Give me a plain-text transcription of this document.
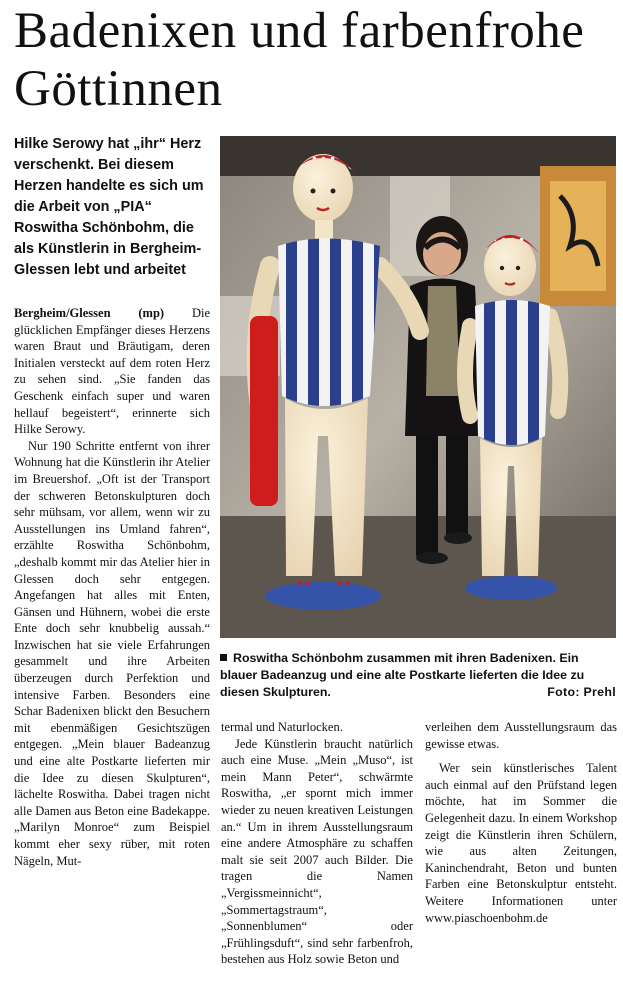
Badenixen und farbenfrohe Göttinnen

Hilke Serowy hat „ihr“ Herz verschenkt. Bei diesem Herzen handelte es sich um die Arbeit von „PIA“ Roswitha Schönbohm, die als Künstlerin in Bergheim-Glessen lebt und arbeitet

Bergheim/Glessen (mp) Die glücklichen Empfänger dieses Herzens waren Braut und Bräutigam, deren Initialen versteckt auf dem roten Herz zu sehen sind. „Sie fanden das Geschenk einfach super und waren hellauf begeistert“, erinnerte sich Hilke Serowy.

Nur 190 Schritte entfernt von ihrer Wohnung hat die Künstlerin ihr Atelier im Breuershof. „Oft ist der Transport der schweren Betonskulpturen doch sehr mühsam, vor allem, wenn wir zu Ausstellungen ins Umland fahren“, erzählte Roswitha Schönbohm, „deshalb kommt mir das Atelier hier in Glessen doch sehr entgegen. Angefangen hat alles mit Enten, Gänsen und Hühnern, wobei die erste Ente doch sehr knubbelig aussah.“ Inzwischen hat sie viele Erfahrungen gesammelt und ihre Arbeiten überzeugen durch Perfektion und intensive Farben. Besonders eine Schar Badenixen blickt den Besuchern mit ebenmäßigen Gesichtszügen entgegen. „Mein blauer Badeanzug und eine alte Postkarte lieferten mir die Idee zu diesen Skulpturen“, lächelte Roswitha. Dabei tragen nicht alle Damen aus Beton eine Badekappe. „Marilyn Monroe“ zum Beispiel kommt eher sexy rüber, mit roten Nägeln, Mut-

Roswitha Schönbohm zusammen mit ihren Badenixen. Ein blauer Badeanzug und eine alte Postkarte lieferten die Idee zu diesen Skulpturen.	Foto: Prehl

termal und Naturlocken.

Jede Künstlerin braucht natürlich auch eine Muse. „Mein „Muso“, ist mein Mann Peter“, schwärmte Roswitha, „er spornt mich immer wieder zu neuen kreativen Leistungen an.“ Um in ihrem Ausstellungsraum eine andere Atmosphäre zu schaffen malt sie seit 2007 auch Bilder. Die tragen die Namen „Vergissmeinnicht“, „Sommertagstraum“, „Sonnenblumen“ oder „Frühlingsduft“, sind sehr farbenfroh, bestehen aus Holz sowie Beton und

verleihen dem Ausstellungsraum das gewisse etwas.

Wer sein künstlerisches Talent auch einmal auf den Prüfstand legen möchte, hat im Sommer die Gelegenheit dazu. In einem Workshop zeigt die Künstlerin ihren Schülern, wie aus alten Zeitungen, Kaninchendraht, Beton und bunten Farben eine Betonskulptur entsteht. Weitere Informationen unter www.piaschoenbohm.de
